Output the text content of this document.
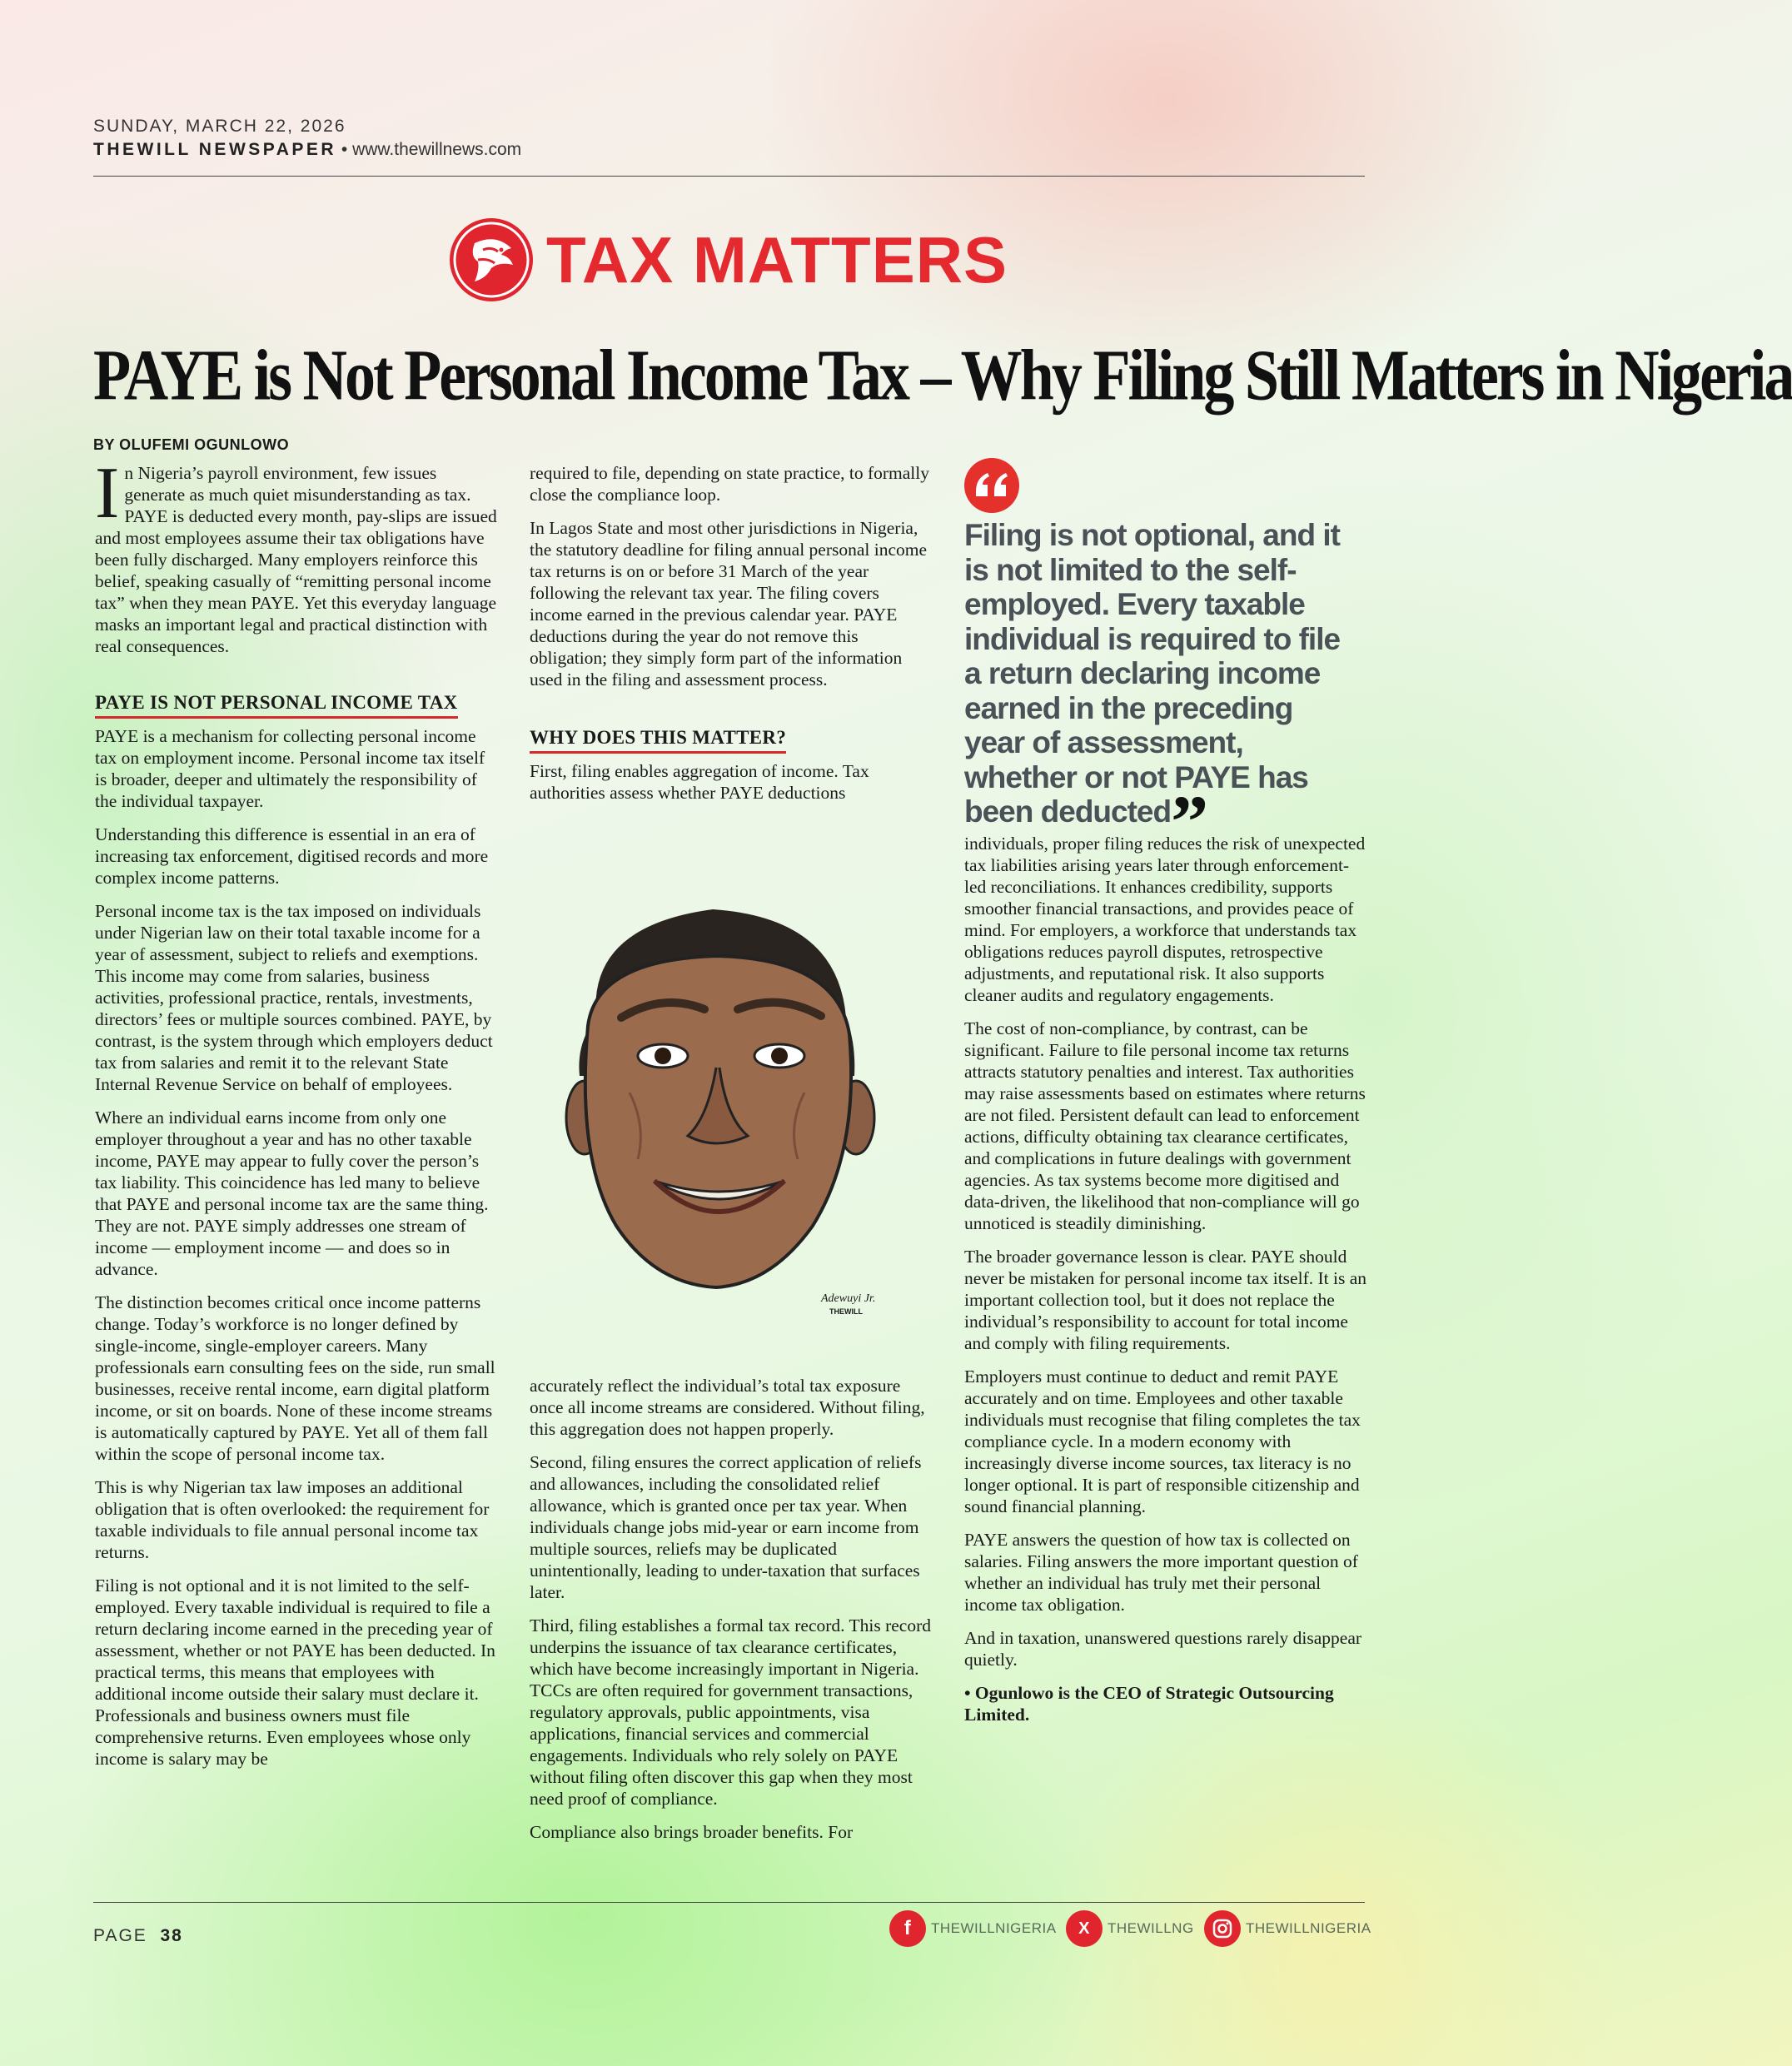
SUNDAY, MARCH 22, 2026
THEWILL NEWSPAPER • www.thewillnews.com
TAX MATTERS
PAYE is Not Personal Income Tax – Why Filing Still Matters in Nigeria
BY OLUFEMI OGUNLOWO

In Nigeria’s payroll environment, few issues generate as much quiet misunderstanding as tax. PAYE is deducted every month, pay-slips are issued and most employees assume their tax obligations have been fully discharged. Many employers reinforce this belief, speaking casually of “remitting personal income tax” when they mean PAYE. Yet this everyday language masks an important legal and practical distinction with real consequences.

PAYE IS NOT PERSONAL INCOME TAX

PAYE is a mechanism for collecting personal income tax on employment income. Personal income tax itself is broader, deeper and ultimately the responsibility of the individual taxpayer.

Understanding this difference is essential in an era of increasing tax enforcement, digitised records and more complex income patterns.

Personal income tax is the tax imposed on individuals under Nigerian law on their total taxable income for a year of assessment, subject to reliefs and exemptions. This income may come from salaries, business activities, professional practice, rentals, investments, directors’ fees or multiple sources combined. PAYE, by contrast, is the system through which employers deduct tax from salaries and remit it to the relevant State Internal Revenue Service on behalf of employees.

Where an individual earns income from only one employer throughout a year and has no other taxable income, PAYE may appear to fully cover the person’s tax liability. This coincidence has led many to believe that PAYE and personal income tax are the same thing. They are not. PAYE simply addresses one stream of income — employment income — and does so in advance.

The distinction becomes critical once income patterns change. Today’s workforce is no longer defined by single-income, single-employer careers. Many professionals earn consulting fees on the side, run small businesses, receive rental income, earn digital platform income, or sit on boards. None of these income streams is automatically captured by PAYE. Yet all of them fall within the scope of personal income tax.

This is why Nigerian tax law imposes an additional obligation that is often overlooked: the requirement for taxable individuals to file annual personal income tax returns.

Filing is not optional and it is not limited to the self-employed. Every taxable individual is required to file a return declaring income earned in the preceding year of assessment, whether or not PAYE has been deducted. In practical terms, this means that employees with additional income outside their salary must declare it. Professionals and business owners must file comprehensive returns. Even employees whose only income is salary may be

required to file, depending on state practice, to formally close the compliance loop.

In Lagos State and most other jurisdictions in Nigeria, the statutory deadline for filing annual personal income tax returns is on or before 31 March of the year following the relevant tax year. The filing covers income earned in the previous calendar year. PAYE deductions during the year do not remove this obligation; they simply form part of the information used in the filing and assessment process.

WHY DOES THIS MATTER?

First, filing enables aggregation of income. Tax authorities assess whether PAYE deductions

Adewuyi Jr.
THEWILL

accurately reflect the individual’s total tax exposure once all income streams are considered. Without filing, this aggregation does not happen properly.

Second, filing ensures the correct application of reliefs and allowances, including the consolidated relief allowance, which is granted once per tax year. When individuals change jobs mid-year or earn income from multiple sources, reliefs may be duplicated unintentionally, leading to under-taxation that surfaces later.

Third, filing establishes a formal tax record. This record underpins the issuance of tax clearance certificates, which have become increasingly important in Nigeria. TCCs are often required for government transactions, regulatory approvals, public appointments, visa applications, financial services and commercial engagements. Individuals who rely solely on PAYE without filing often discover this gap when they most need proof of compliance.

Compliance also brings broader benefits. For

Filing is not optional, and it is not limited to the self-employed. Every taxable individual is required to file a return declaring income earned in the preceding year of assessment, whether or not PAYE has been deducted”

individuals, proper filing reduces the risk of unexpected tax liabilities arising years later through enforcement-led reconciliations. It enhances credibility, supports smoother financial transactions, and provides peace of mind. For employers, a workforce that understands tax obligations reduces payroll disputes, retrospective adjustments, and reputational risk. It also supports cleaner audits and regulatory engagements.

The cost of non-compliance, by contrast, can be significant. Failure to file personal income tax returns attracts statutory penalties and interest. Tax authorities may raise assessments based on estimates where returns are not filed. Persistent default can lead to enforcement actions, difficulty obtaining tax clearance certificates, and complications in future dealings with government agencies. As tax systems become more digitised and data-driven, the likelihood that non-compliance will go unnoticed is steadily diminishing.

The broader governance lesson is clear. PAYE should never be mistaken for personal income tax itself. It is an important collection tool, but it does not replace the individual’s responsibility to account for total income and comply with filing requirements.

Employers must continue to deduct and remit PAYE accurately and on time. Employees and other taxable individuals must recognise that filing completes the tax compliance cycle. In a modern economy with increasingly diverse income sources, tax literacy is no longer optional. It is part of responsible citizenship and sound financial planning.

PAYE answers the question of how tax is collected on salaries. Filing answers the more important question of whether an individual has truly met their personal income tax obligation.

And in taxation, unanswered questions rarely disappear quietly.

• Ogunlowo is the CEO of Strategic Outsourcing Limited.

PAGE 38	f	THEWILLNIGERIA	X	THEWILLNG	THEWILLNIGERIA
